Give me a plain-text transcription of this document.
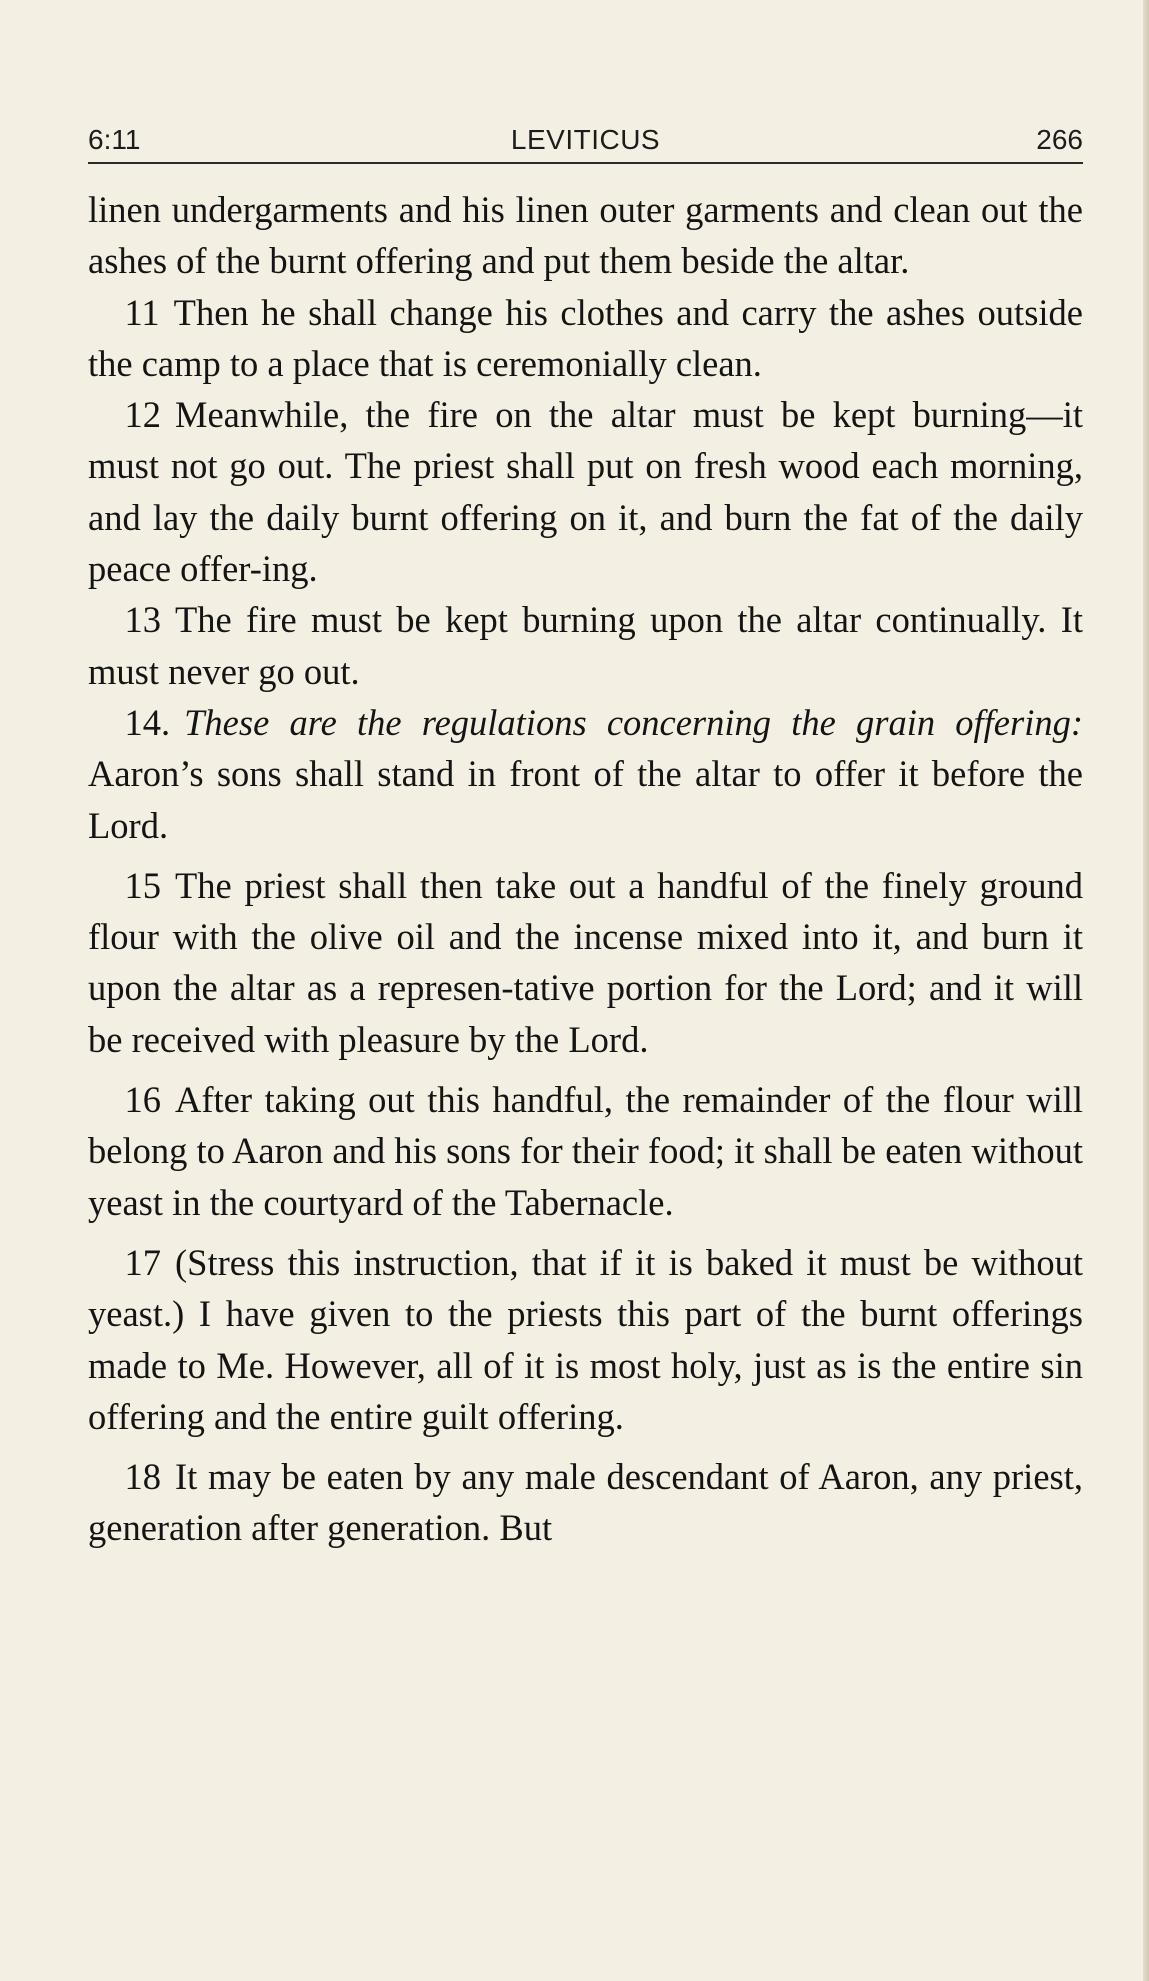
6:11	LEVITICUS	266

linen undergarments and his linen outer garments and clean out the ashes of the burnt offering and put them beside the altar.

 11 Then he shall change his clothes and carry the ashes outside the camp to a place that is ceremonially clean.

 12 Meanwhile, the fire on the altar must be kept burning—it must not go out. The priest shall put on fresh wood each morning, and lay the daily burnt offering on it, and burn the fat of the daily peace offer-ing.

 13 The fire must be kept burning upon the altar continually. It must never go out.

 14. These are the regulations concerning the grain offering: Aaron’s sons shall stand in front of the altar to offer it before the Lord.

 15 The priest shall then take out a handful of the finely ground flour with the olive oil and the incense mixed into it, and burn it upon the altar as a represen-tative portion for the Lord; and it will be received with pleasure by the Lord.

 16 After taking out this handful, the remainder of the flour will belong to Aaron and his sons for their food; it shall be eaten without yeast in the courtyard of the Tabernacle.

 17 (Stress this instruction, that if it is baked it must be without yeast.) I have given to the priests this part of the burnt offerings made to Me. However, all of it is most holy, just as is the entire sin offering and the entire guilt offering.

 18 It may be eaten by any male descendant of Aaron, any priest, generation after generation. But
